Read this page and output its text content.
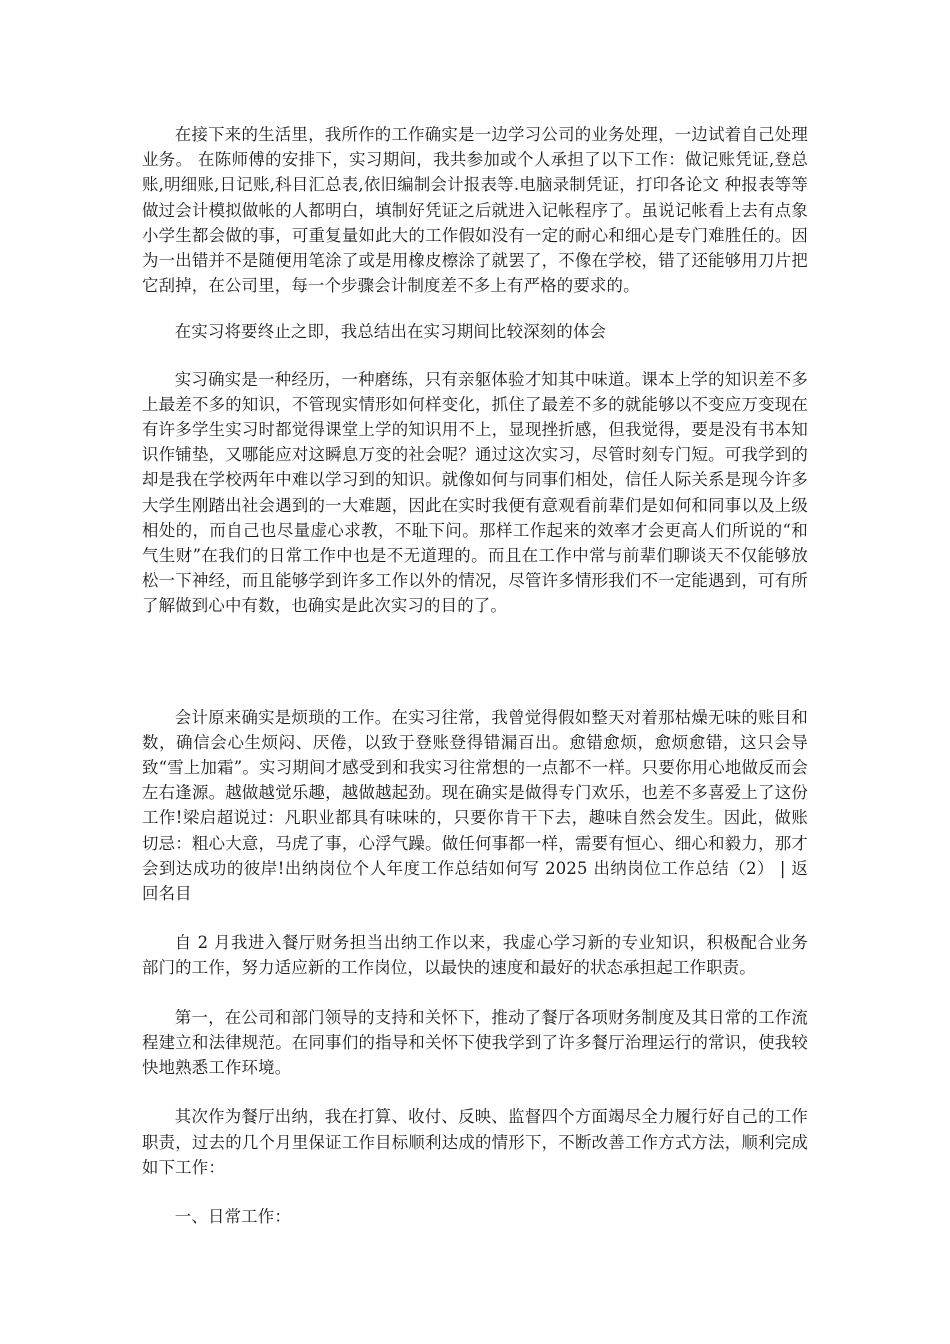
在接下来的生活里，我所作的工作确实是一边学习公司的业务处理，一边试着自己处理业务。 在陈师傅的安排下，实习期间，我共参加或个人承担了以下工作：做记账凭证,登总账,明细账,日记账,科目汇总表,依旧编制会计报表等.电脑录制凭证，打印各论文 种报表等等做过会计模拟做帐的人都明白，填制好凭证之后就进入记帐程序了。虽说记帐看上去有点象小学生都会做的事，可重复量如此大的工作假如没有一定的耐心和细心是专门难胜任的。因为一出错并不是随便用笔涂了或是用橡皮檫涂了就罢了，不像在学校，错了还能够用刀片把它刮掉，在公司里，每一个步骤会计制度差不多上有严格的要求的。

在实习将要终止之即，我总结出在实习期间比较深刻的体会

实习确实是一种经历，一种磨练，只有亲躯体验才知其中味道。课本上学的知识差不多上最差不多的知识，不管现实情形如何样变化，抓住了最差不多的就能够以不变应万变现在有许多学生实习时都觉得课堂上学的知识用不上，显现挫折感，但我觉得，要是没有书本知识作铺垫，又哪能应对这瞬息万变的社会呢？通过这次实习，尽管时刻专门短。可我学到的却是我在学校两年中难以学习到的知识。就像如何与同事们相处，信任人际关系是现今许多大学生刚踏出社会遇到的一大难题，因此在实时我便有意观看前辈们是如何和同事以及上级相处的，而自己也尽量虚心求教，不耻下问。那样工作起来的效率才会更高人们所说的“和气生财”在我们的日常工作中也是不无道理的。而且在工作中常与前辈们聊谈天不仅能够放松一下神经，而且能够学到许多工作以外的情况，尽管许多情形我们不一定能遇到，可有所了解做到心中有数，也确实是此次实习的目的了。

会计原来确实是烦琐的工作。在实习往常，我曾觉得假如整天对着那枯燥无味的账目和数，确信会心生烦闷、厌倦，以致于登账登得错漏百出。愈错愈烦，愈烦愈错，这只会导致“雪上加霜”。实习期间才感受到和我实习往常想的一点都不一样。只要你用心地做反而会左右逢源。越做越觉乐趣，越做越起劲。现在确实是做得专门欢乐，也差不多喜爱上了这份工作!梁启超说过：凡职业都具有味味的，只要你肯干下去，趣味自然会发生。因此，做账切忌：粗心大意，马虎了事，心浮气躁。做任何事都一样，需要有恒心、细心和毅力，那才会到达成功的彼岸!出纳岗位个人年度工作总结如何写 2025 出纳岗位工作总结（2） | 返回名目

自 2 月我进入餐厅财务担当出纳工作以来，我虚心学习新的专业知识，积极配合业务部门的工作，努力适应新的工作岗位，以最快的速度和最好的状态承担起工作职责。

第一，在公司和部门领导的支持和关怀下，推动了餐厅各项财务制度及其日常的工作流程建立和法律规范。在同事们的指导和关怀下使我学到了许多餐厅治理运行的常识，使我较快地熟悉工作环境。

其次作为餐厅出纳，我在打算、收付、反映、监督四个方面竭尽全力履行好自己的工作职责，过去的几个月里保证工作目标顺利达成的情形下，不断改善工作方式方法，顺利完成如下工作：

一、日常工作：
